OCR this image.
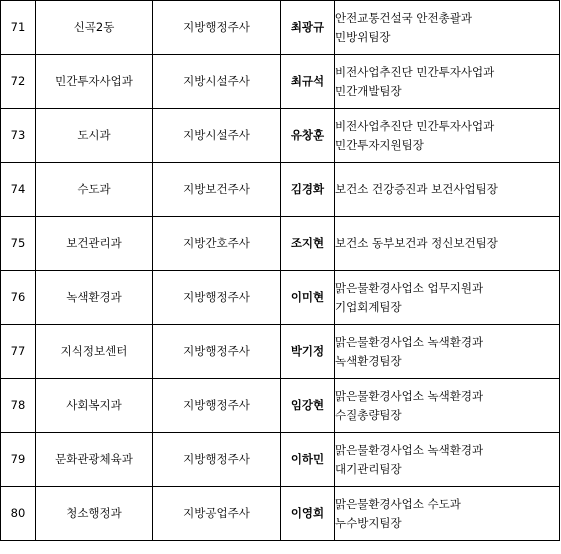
71	신곡2동	지방행정주사	최광규	안전교통건설국 안전총괄과
민방위팀장

72	민간투자사업과	지방시설주사	최규석	비전사업추진단 민간투자사업과
민간개발팀장

73	도시과	지방시설주사	유창훈	비전사업추진단 민간투자사업과
민간투자지원팀장

74	수도과	지방보건주사	김경화	보건소 건강증진과 보건사업팀장

75	보건관리과	지방간호주사	조지현	보건소 동부보건과 정신보건팀장

76	녹색환경과	지방행정주사	이미현	맑은물환경사업소 업무지원과
기업회계팀장

77	지식정보센터	지방행정주사	박기정	맑은물환경사업소 녹색환경과
녹색환경팀장

78	사회복지과	지방행정주사	임강현	맑은물환경사업소 녹색환경과
수질총량팀장

79	문화관광체육과	지방행정주사	이하민	맑은물환경사업소 녹색환경과
대기관리팀장

80	청소행정과	지방공업주사	이영희	맑은물환경사업소 수도과
누수방지팀장
